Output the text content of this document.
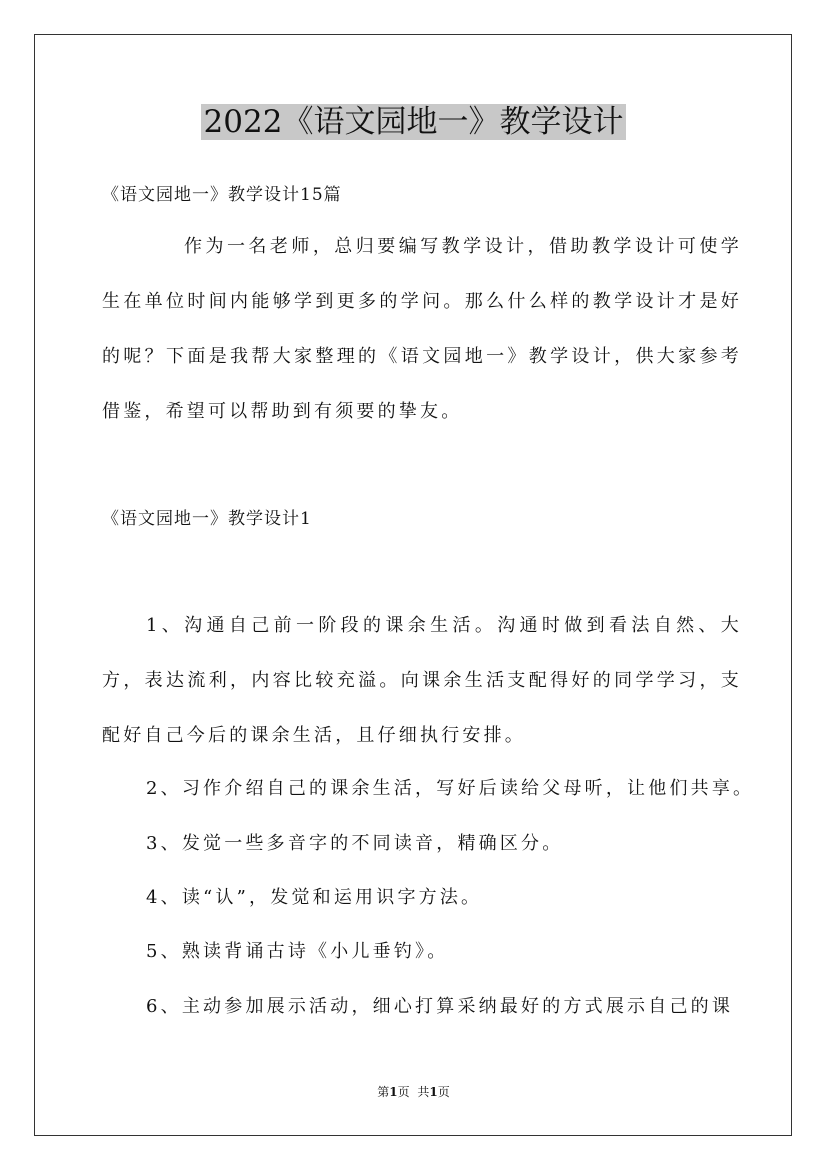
2022《语文园地一》教学设计
《语文园地一》教学设计15篇
作为一名老师，总归要编写教学设计，借助教学设计可使学生在单位时间内能够学到更多的学问。那么什么样的教学设计才是好的呢？下面是我帮大家整理的《语文园地一》教学设计，供大家参考借鉴，希望可以帮助到有须要的挚友。
《语文园地一》教学设计1
1、沟通自己前一阶段的课余生活。沟通时做到看法自然、大方，表达流利，内容比较充溢。向课余生活支配得好的同学学习，支配好自己今后的课余生活，且仔细执行安排。
2、习作介绍自己的课余生活，写好后读给父母听，让他们共享。
3、发觉一些多音字的不同读音，精确区分。
4、读“认”，发觉和运用识字方法。
5、熟读背诵古诗《小儿垂钓》。
6、主动参加展示活动，细心打算采纳最好的方式展示自己的课
第1页 共1页
